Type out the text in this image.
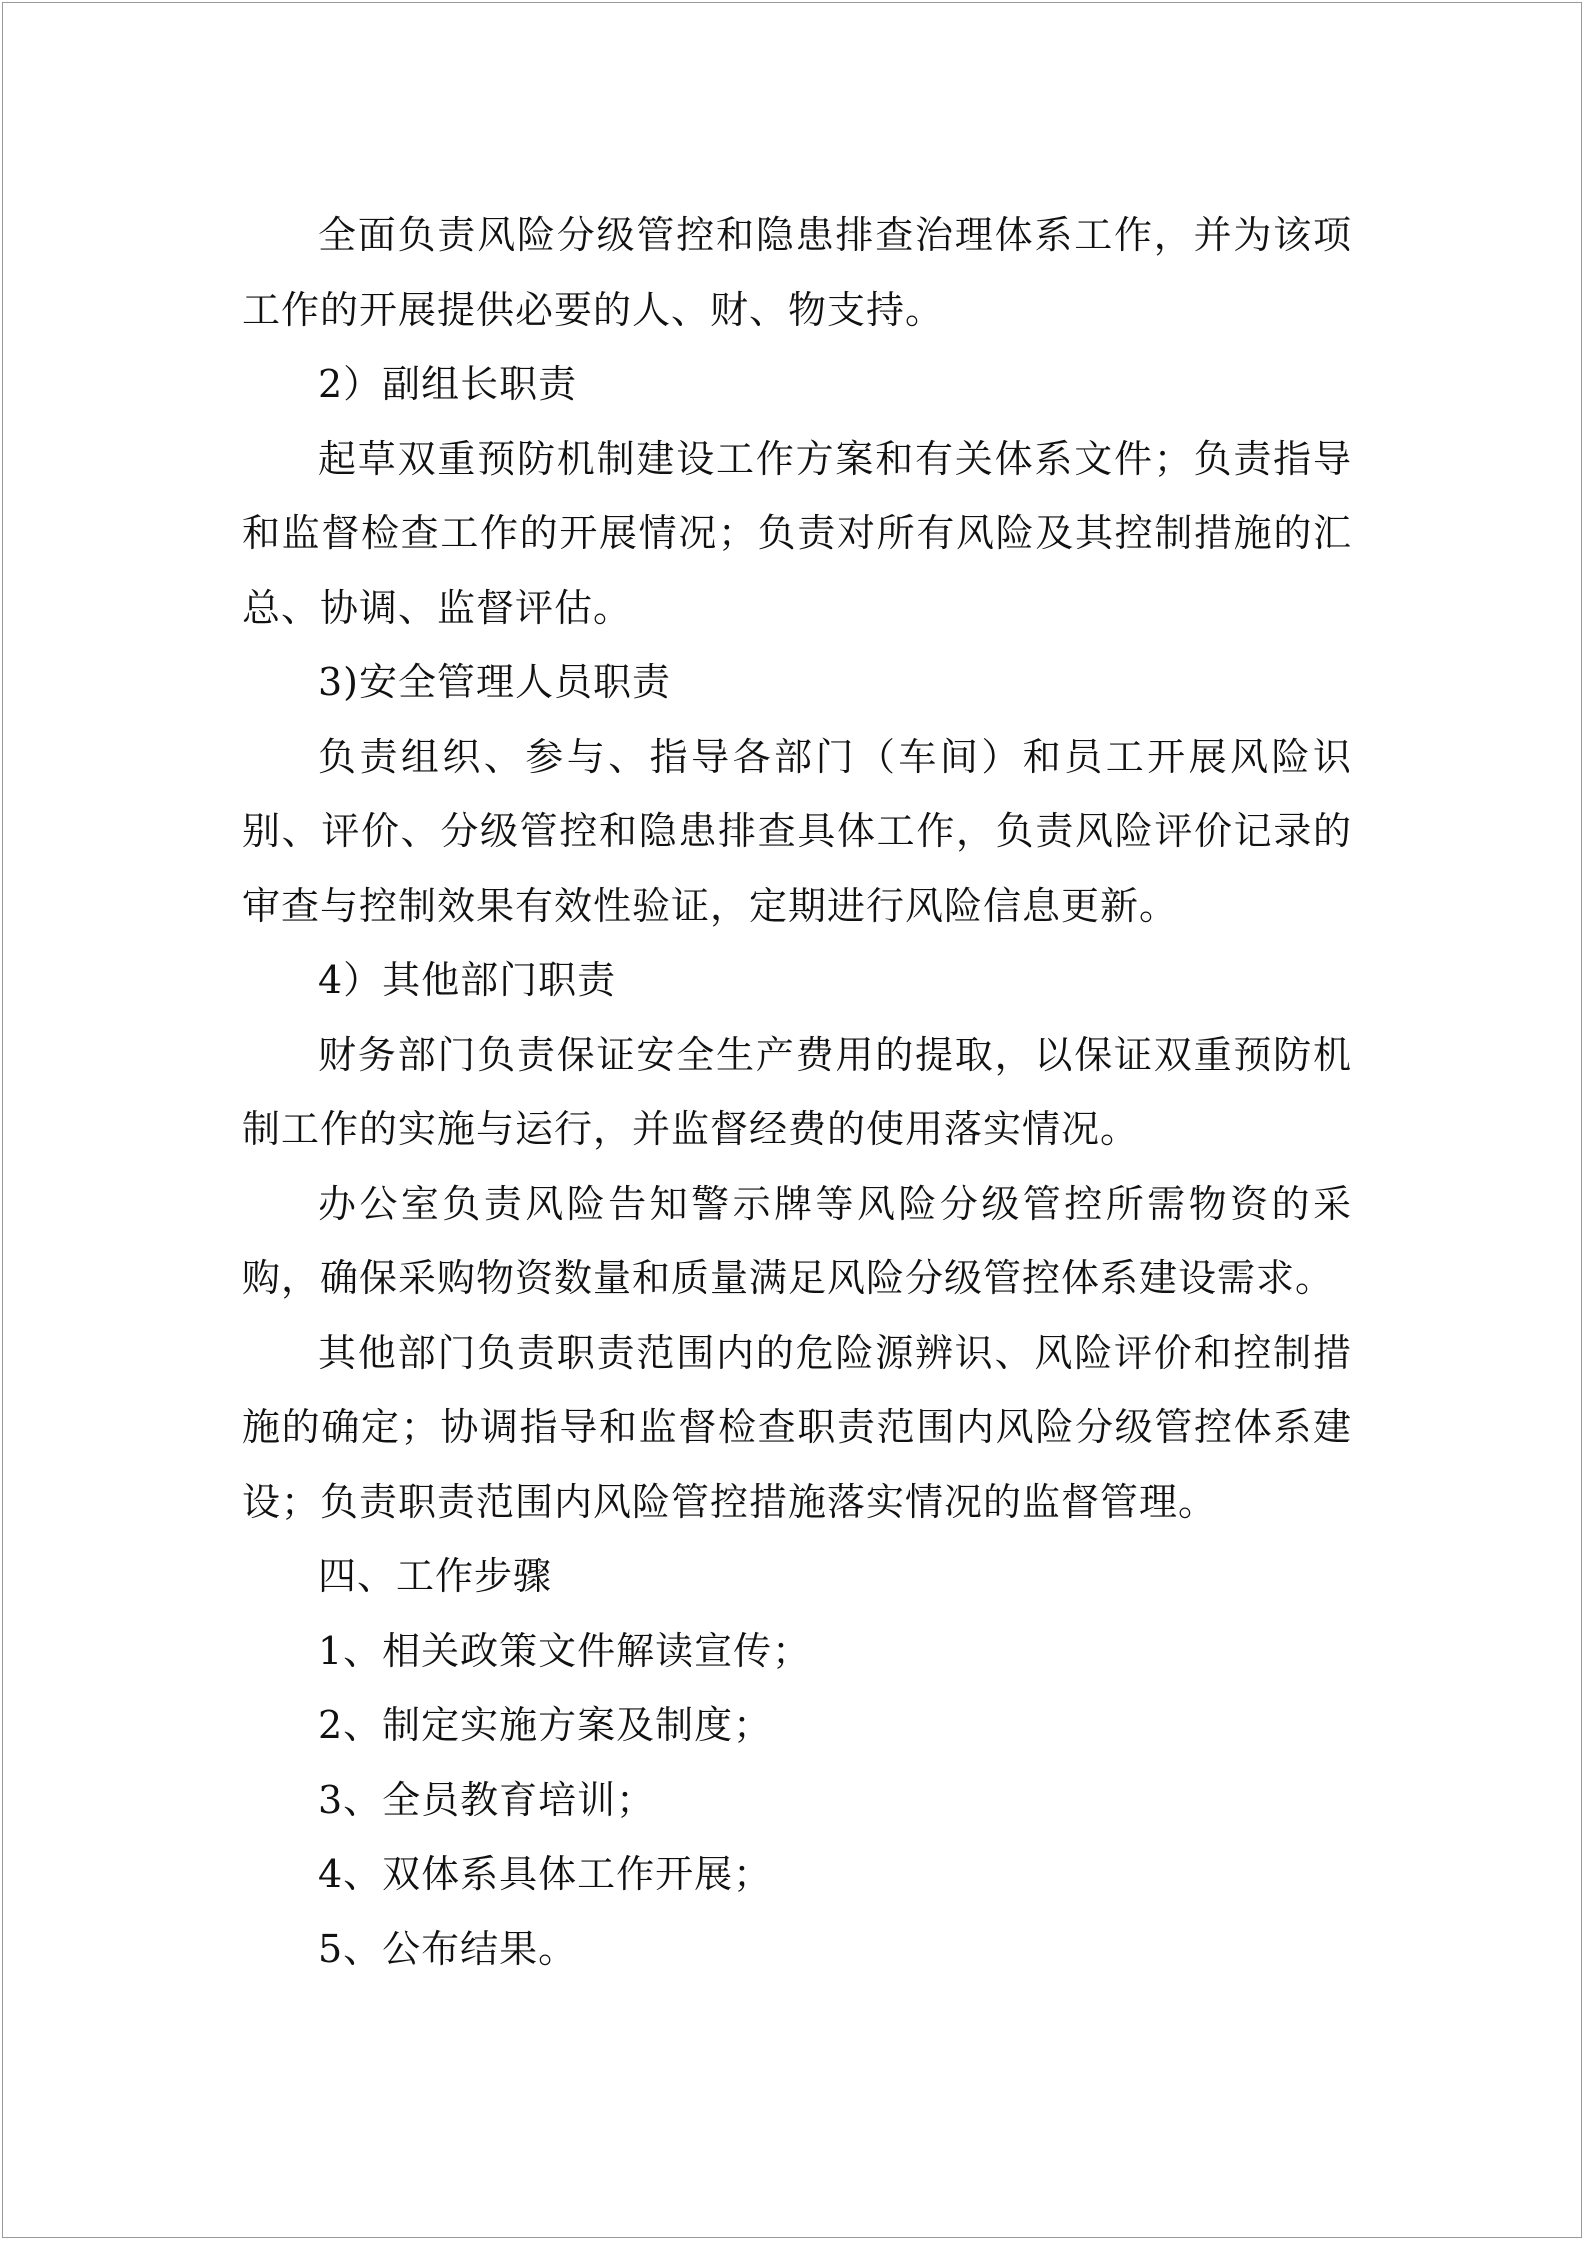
全面负责风险分级管控和隐患排查治理体系工作，并为该项工作的开展提供必要的人、财、物支持。

2）副组长职责

起草双重预防机制建设工作方案和有关体系文件；负责指导和监督检查工作的开展情况；负责对所有风险及其控制措施的汇总、协调、监督评估。

3)安全管理人员职责

负责组织、参与、指导各部门（车间）和员工开展风险识别、评价、分级管控和隐患排查具体工作，负责风险评价记录的审查与控制效果有效性验证，定期进行风险信息更新。

4）其他部门职责

财务部门负责保证安全生产费用的提取，以保证双重预防机制工作的实施与运行，并监督经费的使用落实情况。

办公室负责风险告知警示牌等风险分级管控所需物资的采购，确保采购物资数量和质量满足风险分级管控体系建设需求。

其他部门负责职责范围内的危险源辨识、风险评价和控制措施的确定；协调指导和监督检查职责范围内风险分级管控体系建设；负责职责范围内风险管控措施落实情况的监督管理。

四、工作步骤

1、相关政策文件解读宣传；

2、制定实施方案及制度；

3、全员教育培训；

4、双体系具体工作开展；

5、公布结果。
